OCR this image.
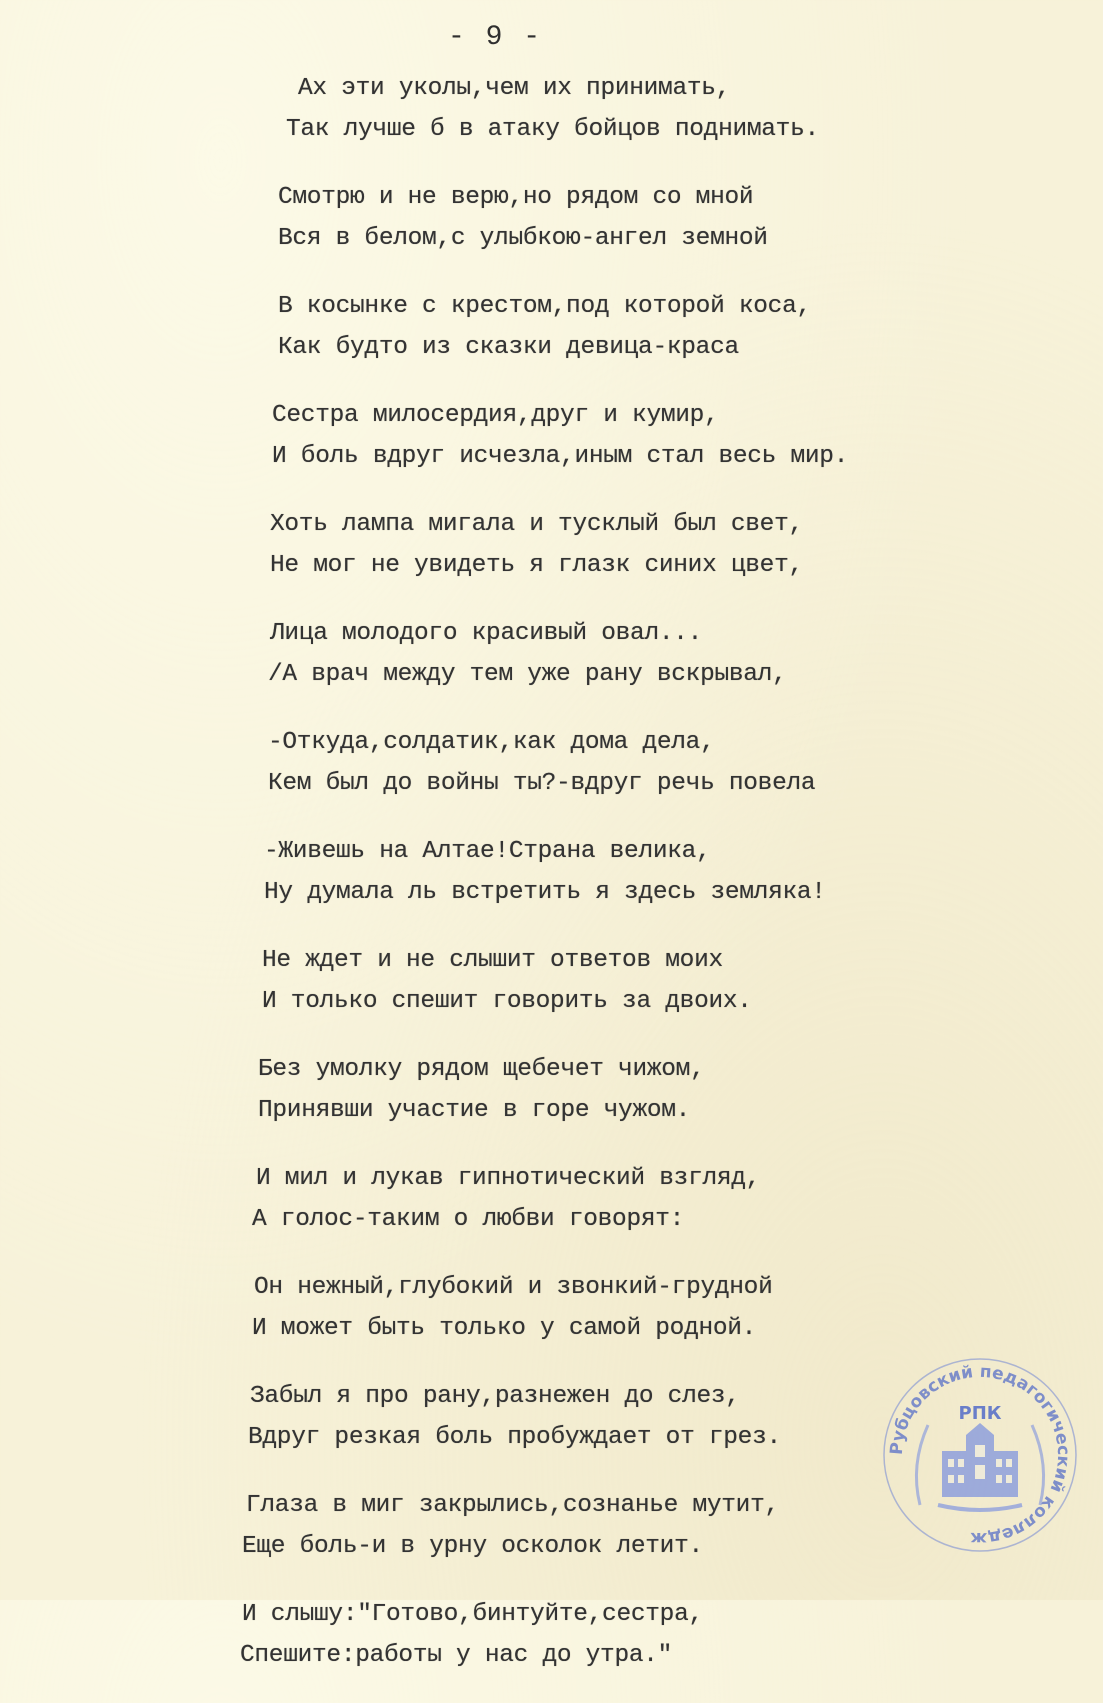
- 9 -
Ах эти уколы,чем их принимать,
Так лучше б в атаку бойцов поднимать.
Смотрю и не верю,но рядом со мной
Вся в белом,с улыбкою-ангел земной
В косынке с крестом,под которой коса,
Как будто из сказки девица-краса
Сестра милосердия,друг и кумир,
И боль вдруг исчезла,иным стал весь мир.
Хоть лампа мигала и тусклый был свет,
Не мог не увидеть я глазк синих цвет,
Лица молодого красивый овал...
/А врач между тем уже рану вскрывал,
-Откуда,солдатик,как дома дела,
Кем был до войны ты?-вдруг речь повела
-Живешь на Алтае!Страна велика,
Ну думала ль встретить я здесь земляка!
Не ждет и не слышит ответов моих
И только спешит говорить за двоих.
Без умолку рядом щебечет чижом,
Принявши участие в горе чужом.
И мил и лукав гипнотический взгляд,
А голос-таким о любви говорят:
Он нежный,глубокий и звонкий-грудной
И может быть только у самой родной.
Забыл я про рану,разнежен до слез,
Вдруг резкая боль пробуждает от грез.
Глаза в миг закрылись,сознанье мутит,
Еще боль-и в урну осколок летит.
И слышу:"Готово,бинтуйте,сестра,
Спешите:работы у нас до утра."
Рубцовский педагогический колледж
РПК
